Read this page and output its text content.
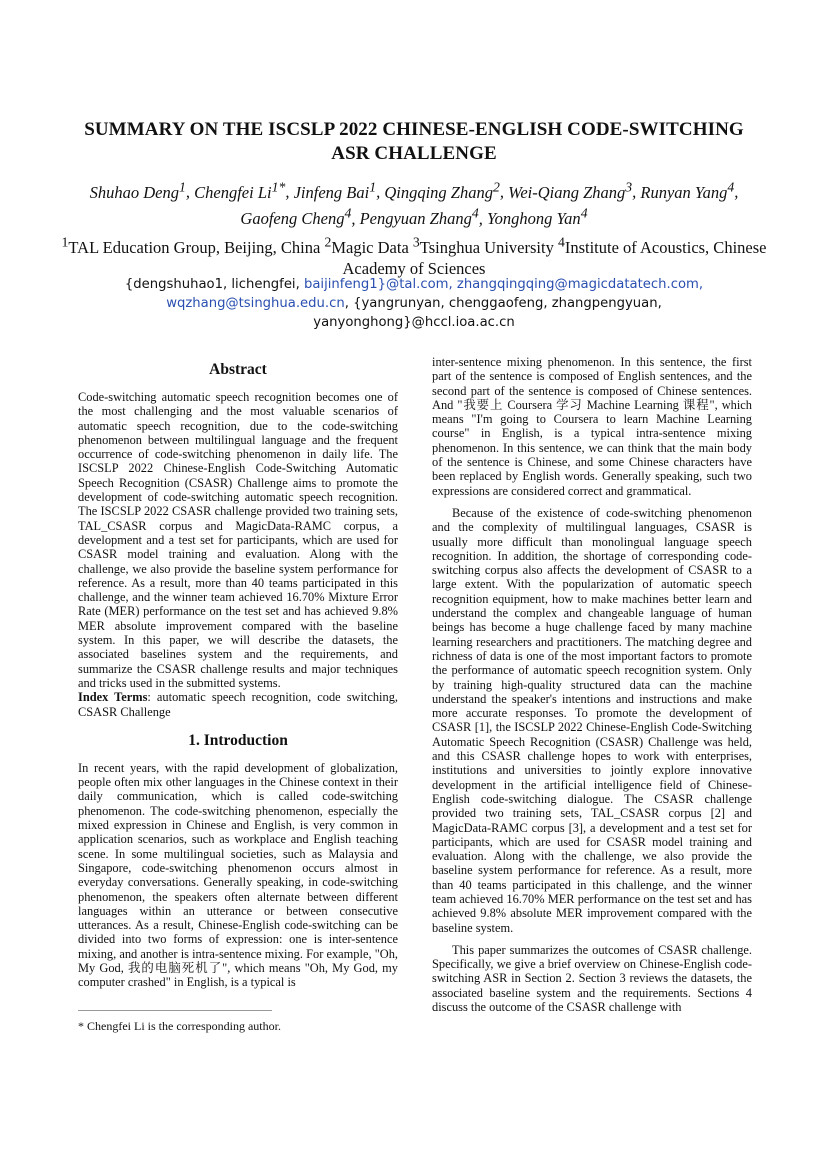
SUMMARY ON THE ISCSLP 2022 CHINESE-ENGLISH CODE-SWITCHING ASR CHALLENGE
Shuhao Deng$^1$, Chengfei $Li^{1*}$, Jinfeng Bai$^1$, Qingqing Zhang$^2$, Wei-Qiang Zhang$^3$, Runyan Yang$^4$,
Gaofeng Cheng$^4$, Pengyuan Zhang$^4$, Yonghong Yan$^4$
$^1$TAL Education Group, Beijing, China $^2$Magic Data $^3$Tsinghua University $^4$Institute of Acoustics, Chinese Academy of Sciences
{dengshuhao1, lichengfei, baijinfeng1}@tal.com, zhangqingqing@magicdatatech.com,
wqzhang@tsinghua.edu.cn, {yangrunyan, chenggaofeng, zhangpengyuan,
yanyonghong}@hccl.ioa.ac.cn
Abstract

Code-switching automatic speech recognition becomes one of the most challenging and the most valuable scenarios of automatic speech recognition, due to the code-switching phenomenon between multilingual language and the frequent occurrence of code-switching phenomenon in daily life. The ISCSLP 2022 Chinese-English Code-Switching Automatic Speech Recognition (CSASR) Challenge aims to promote the development of code-switching automatic speech recognition. The ISCSLP 2022 CSASR challenge provided two training sets, TAL_CSASR corpus and MagicData-RAMC corpus, a development and a test set for participants, which are used for CSASR model training and evaluation. Along with the challenge, we also provide the baseline system performance for reference. As a result, more than 40 teams participated in this challenge, and the winner team achieved 16.70% Mixture Error Rate (MER) performance on the test set and has achieved 9.8% MER absolute improvement compared with the baseline system. In this paper, we will describe the datasets, the associated baselines system and the requirements, and summarize the CSASR challenge results and major techniques and tricks used in the submitted systems.

Index Terms: automatic speech recognition, code switching, CSASR Challenge

1. Introduction

In recent years, with the rapid development of globalization, people often mix other languages in the Chinese context in their daily communication, which is called code-switching phenomenon. The code-switching phenomenon, especially the mixed expression in Chinese and English, is very common in application scenarios, such as workplace and English teaching scene. In some multilingual societies, such as Malaysia and Singapore, code-switching phenomenon occurs almost in everyday conversations. Generally speaking, in code-switching phenomenon, the speakers often alternate between different languages within an utterance or between consecutive utterances. As a result, Chinese-English code-switching can be divided into two forms of expression: one is inter-sentence mixing, and another is intra-sentence mixing. For example, "Oh, My God, 我的电脑死机了", which means "Oh, My God, my computer crashed" in English, is a typical is

inter-sentence mixing phenomenon. In this sentence, the first part of the sentence is composed of English sentences, and the second part of the sentence is composed of Chinese sentences. And "我要上 Coursera 学习 Machine Learning 课程", which means "I'm going to Coursera to learn Machine Learning course" in English, is a typical intra-sentence mixing phenomenon. In this sentence, we can think that the main body of the sentence is Chinese, and some Chinese characters have been replaced by English words. Generally speaking, such two expressions are considered correct and grammatical.

Because of the existence of code-switching phenomenon and the complexity of multilingual languages, CSASR is usually more difficult than monolingual language speech recognition. In addition, the shortage of corresponding code-switching corpus also affects the development of CSASR to a large extent. With the popularization of automatic speech recognition equipment, how to make machines better learn and understand the complex and changeable language of human beings has become a huge challenge faced by many machine learning researchers and practitioners. The matching degree and richness of data is one of the most important factors to promote the performance of automatic speech recognition system. Only by training high-quality structured data can the machine understand the speaker's intentions and instructions and make more accurate responses. To promote the development of CSASR [1], the ISCSLP 2022 Chinese-English Code-Switching Automatic Speech Recognition (CSASR) Challenge was held, and this CSASR challenge hopes to work with enterprises, institutions and universities to jointly explore innovative development in the artificial intelligence field of Chinese-English code-switching dialogue. The CSASR challenge provided two training sets, TAL_CSASR corpus [2] and MagicData-RAMC corpus [3], a development and a test set for participants, which are used for CSASR model training and evaluation. Along with the challenge, we also provide the baseline system performance for reference. As a result, more than 40 teams participated in this challenge, and the winner team achieved 16.70% MER performance on the test set and has achieved 9.8% absolute MER improvement compared with the baseline system.

This paper summarizes the outcomes of CSASR challenge. Specifically, we give a brief overview on Chinese-English code-switching ASR in Section 2. Section 3 reviews the datasets, the associated baseline system and the requirements. Sections 4 discuss the outcome of the CSASR challenge with

* Chengfei Li is the corresponding author.
